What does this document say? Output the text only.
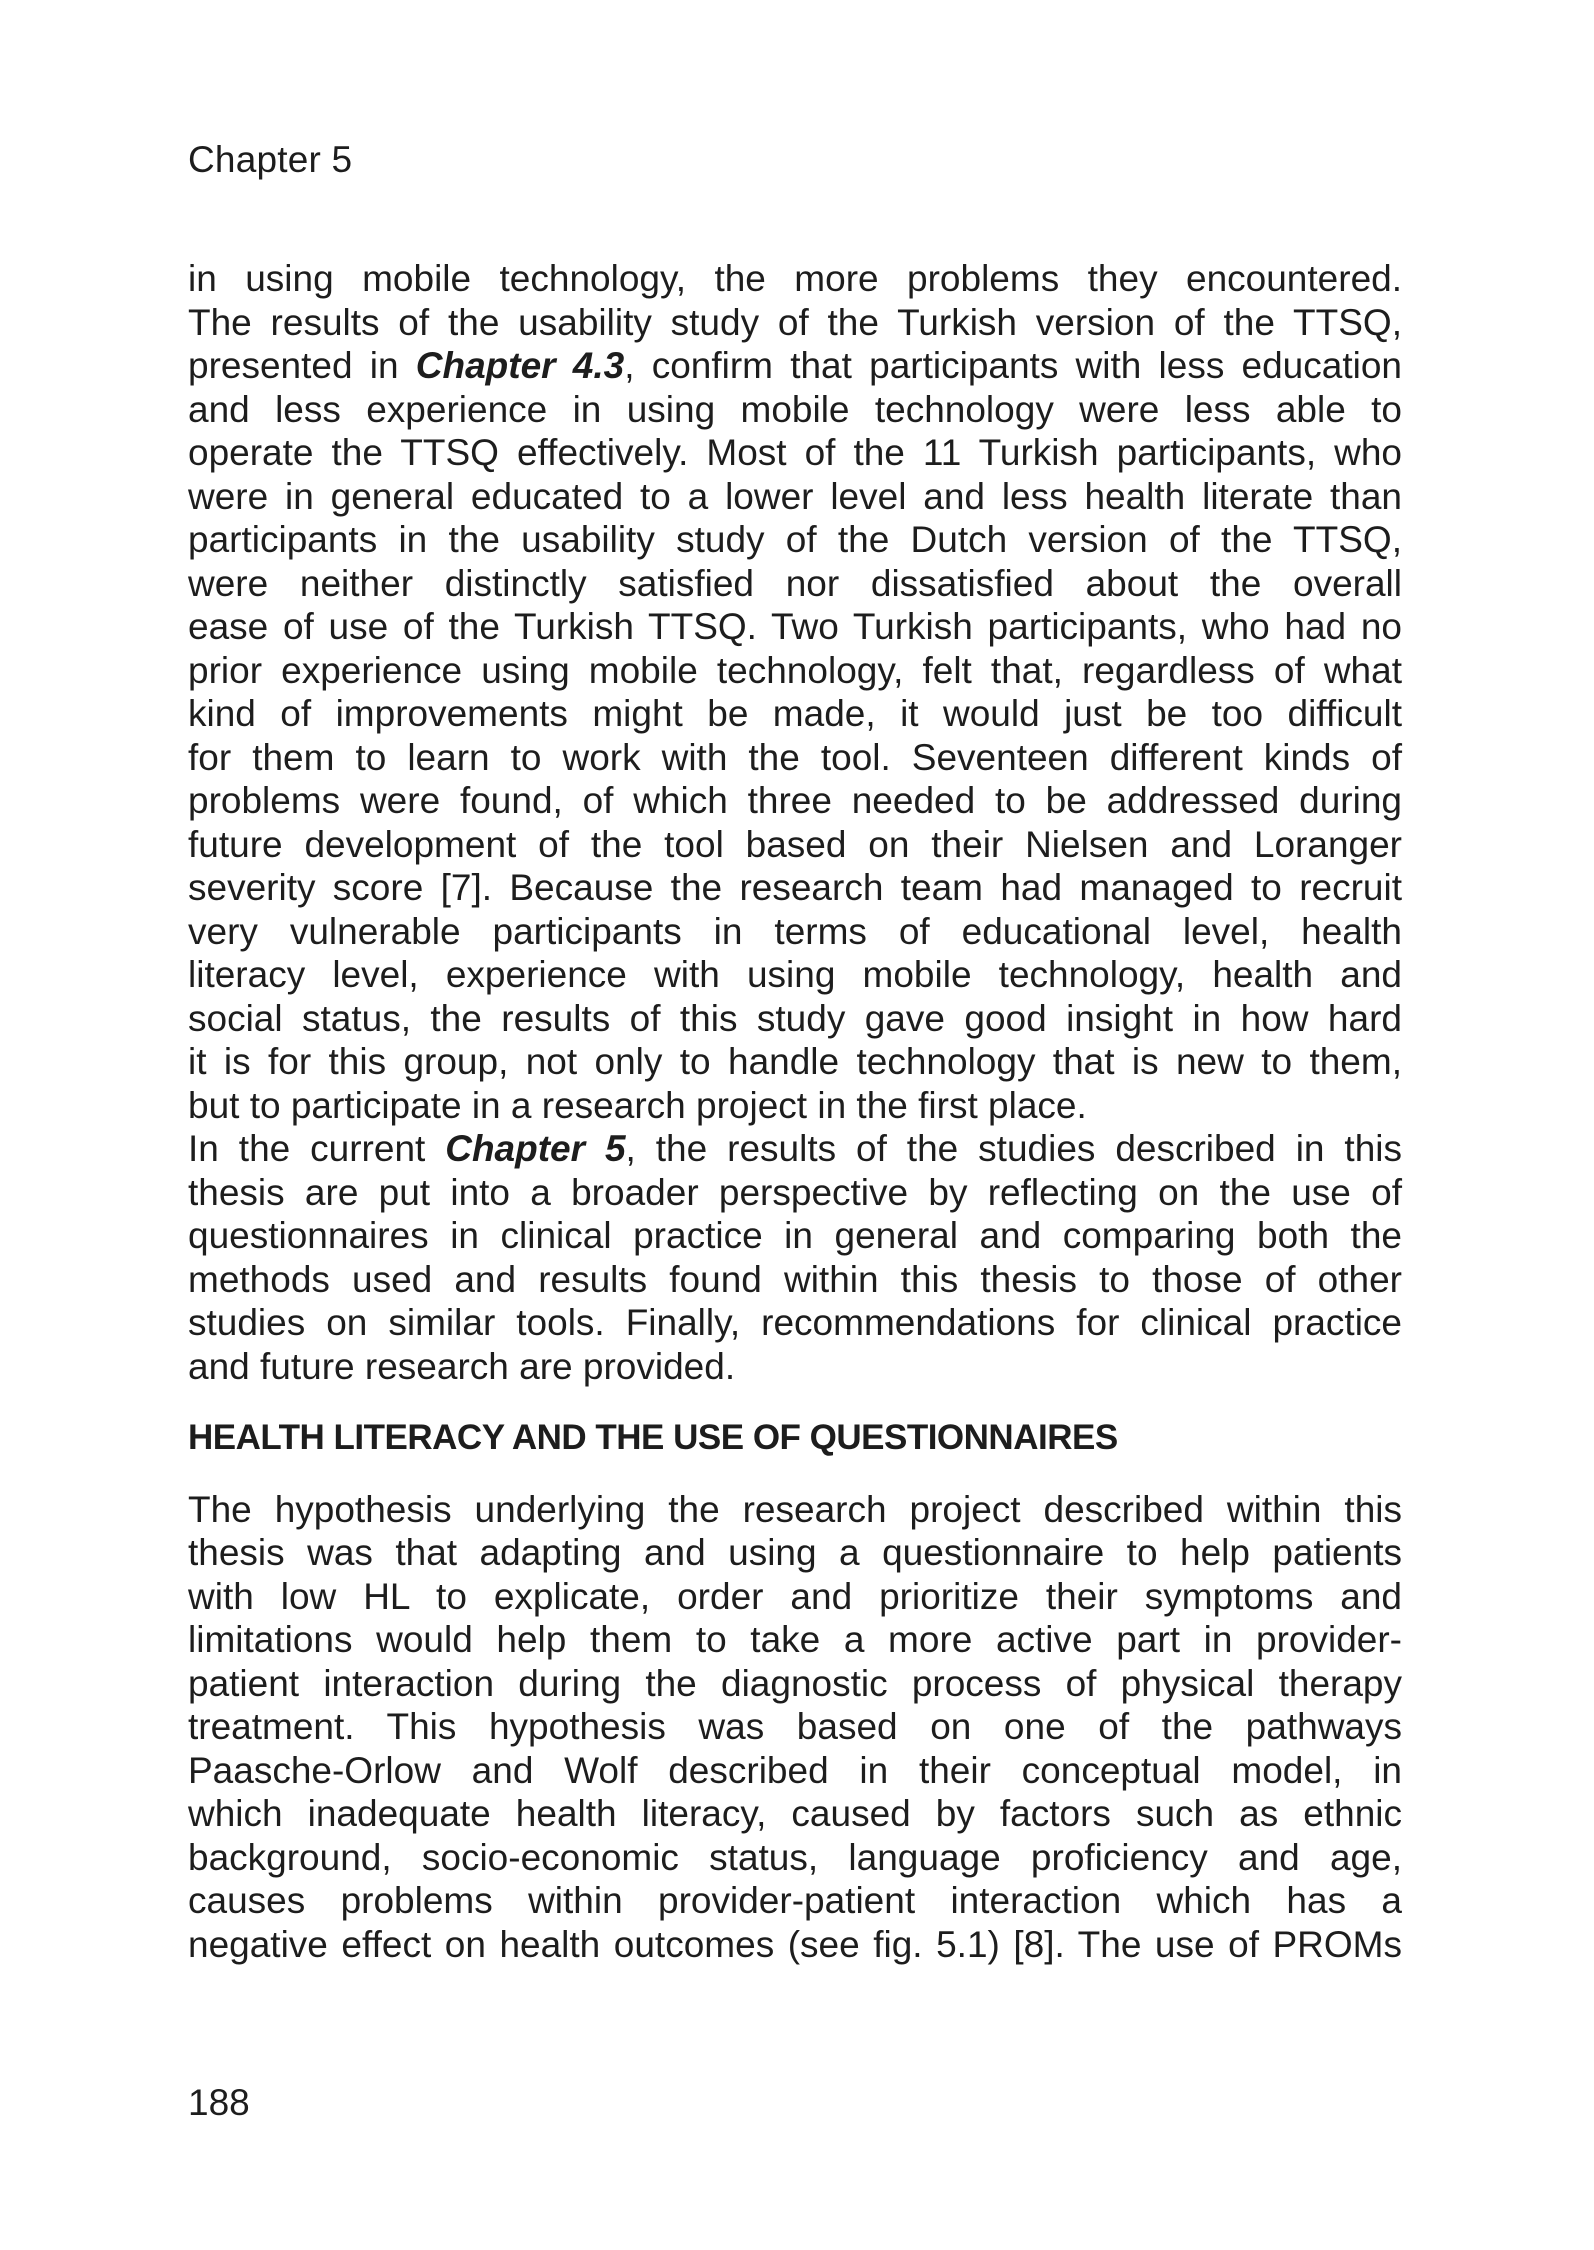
Chapter 5
in using mobile technology, the more problems they encountered.
The results of the usability study of the Turkish version of the TTSQ,
presented in Chapter 4.3, confirm that participants with less education
and less experience in using mobile technology were less able to
operate the TTSQ effectively. Most of the 11 Turkish participants, who
were in general educated to a lower level and less health literate than
participants in the usability study of the Dutch version of the TTSQ,
were neither distinctly satisfied nor dissatisfied about the overall
ease of use of the Turkish TTSQ. Two Turkish participants, who had no
prior experience using mobile technology, felt that, regardless of what
kind of improvements might be made, it would just be too difficult
for them to learn to work with the tool. Seventeen different kinds of
problems were found, of which three needed to be addressed during
future development of the tool based on their Nielsen and Loranger
severity score [7]. Because the research team had managed to recruit
very vulnerable participants in terms of educational level, health
literacy level, experience with using mobile technology, health and
social status, the results of this study gave good insight in how hard
it is for this group, not only to handle technology that is new to them,
but to participate in a research project in the first place.
In the current Chapter 5, the results of the studies described in this
thesis are put into a broader perspective by reflecting on the use of
questionnaires in clinical practice in general and comparing both the
methods used and results found within this thesis to those of other
studies on similar tools. Finally, recommendations for clinical practice
and future research are provided.
HEALTH LITERACY AND THE USE OF QUESTIONNAIRES
The hypothesis underlying the research project described within this
thesis was that adapting and using a questionnaire to help patients
with low HL to explicate, order and prioritize their symptoms and
limitations would help them to take a more active part in provider-
patient interaction during the diagnostic process of physical therapy
treatment. This hypothesis was based on one of the pathways
Paasche-Orlow and Wolf described in their conceptual model, in
which inadequate health literacy, caused by factors such as ethnic
background, socio-economic status, language proficiency and age,
causes problems within provider-patient interaction which has a
negative effect on health outcomes (see fig. 5.1) [8]. The use of PROMs
188
